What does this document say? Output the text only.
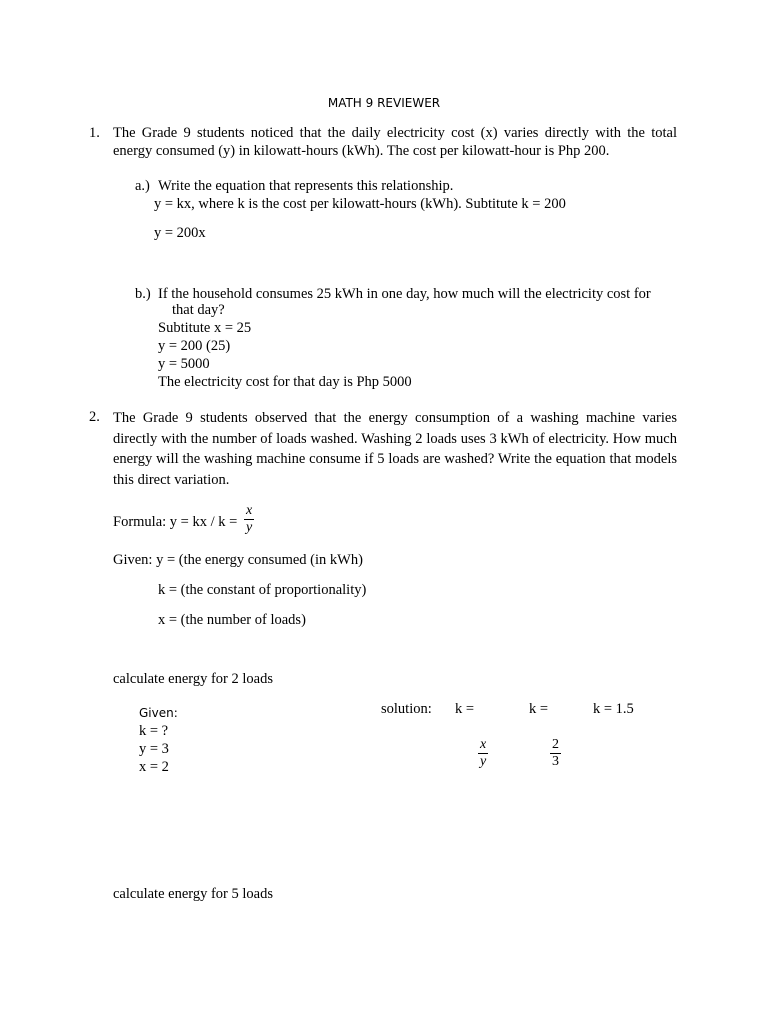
MATH 9 REVIEWER
1. The Grade 9 students noticed that the daily electricity cost (x) varies directly with the total energy consumed (y) in kilowatt-hours (kWh). The cost per kilowatt-hour is Php 200.
a.) Write the equation that represents this relationship.
y = kx, where k is the cost per kilowatt-hours (kWh). Subtitute k = 200
y = 200x
b.) If the household consumes 25 kWh in one day, how much will the electricity cost for
that day?
Subtitute x = 25
y = 200 (25)
y = 5000
The electricity cost for that day is Php 5000
2. The Grade 9 students observed that the energy consumption of a washing machine varies directly with the number of loads washed. Washing 2 loads uses 3 kWh of electricity. How much energy will the washing machine consume if 5 loads are washed? Write the equation that models this direct variation.
Formula: y = kx / $k = \frac{x}{y}$
Given: y = (the energy consumed (in kWh)
k = (the constant of proportionality)
x = (the number of loads)
calculate energy for 2 loads
Given:
k = ?
y = 3
x = 2
solution: k =	k =	k = 1.5
$\frac{x}{y}$	$\frac{2}{3}$
calculate energy for 5 loads
